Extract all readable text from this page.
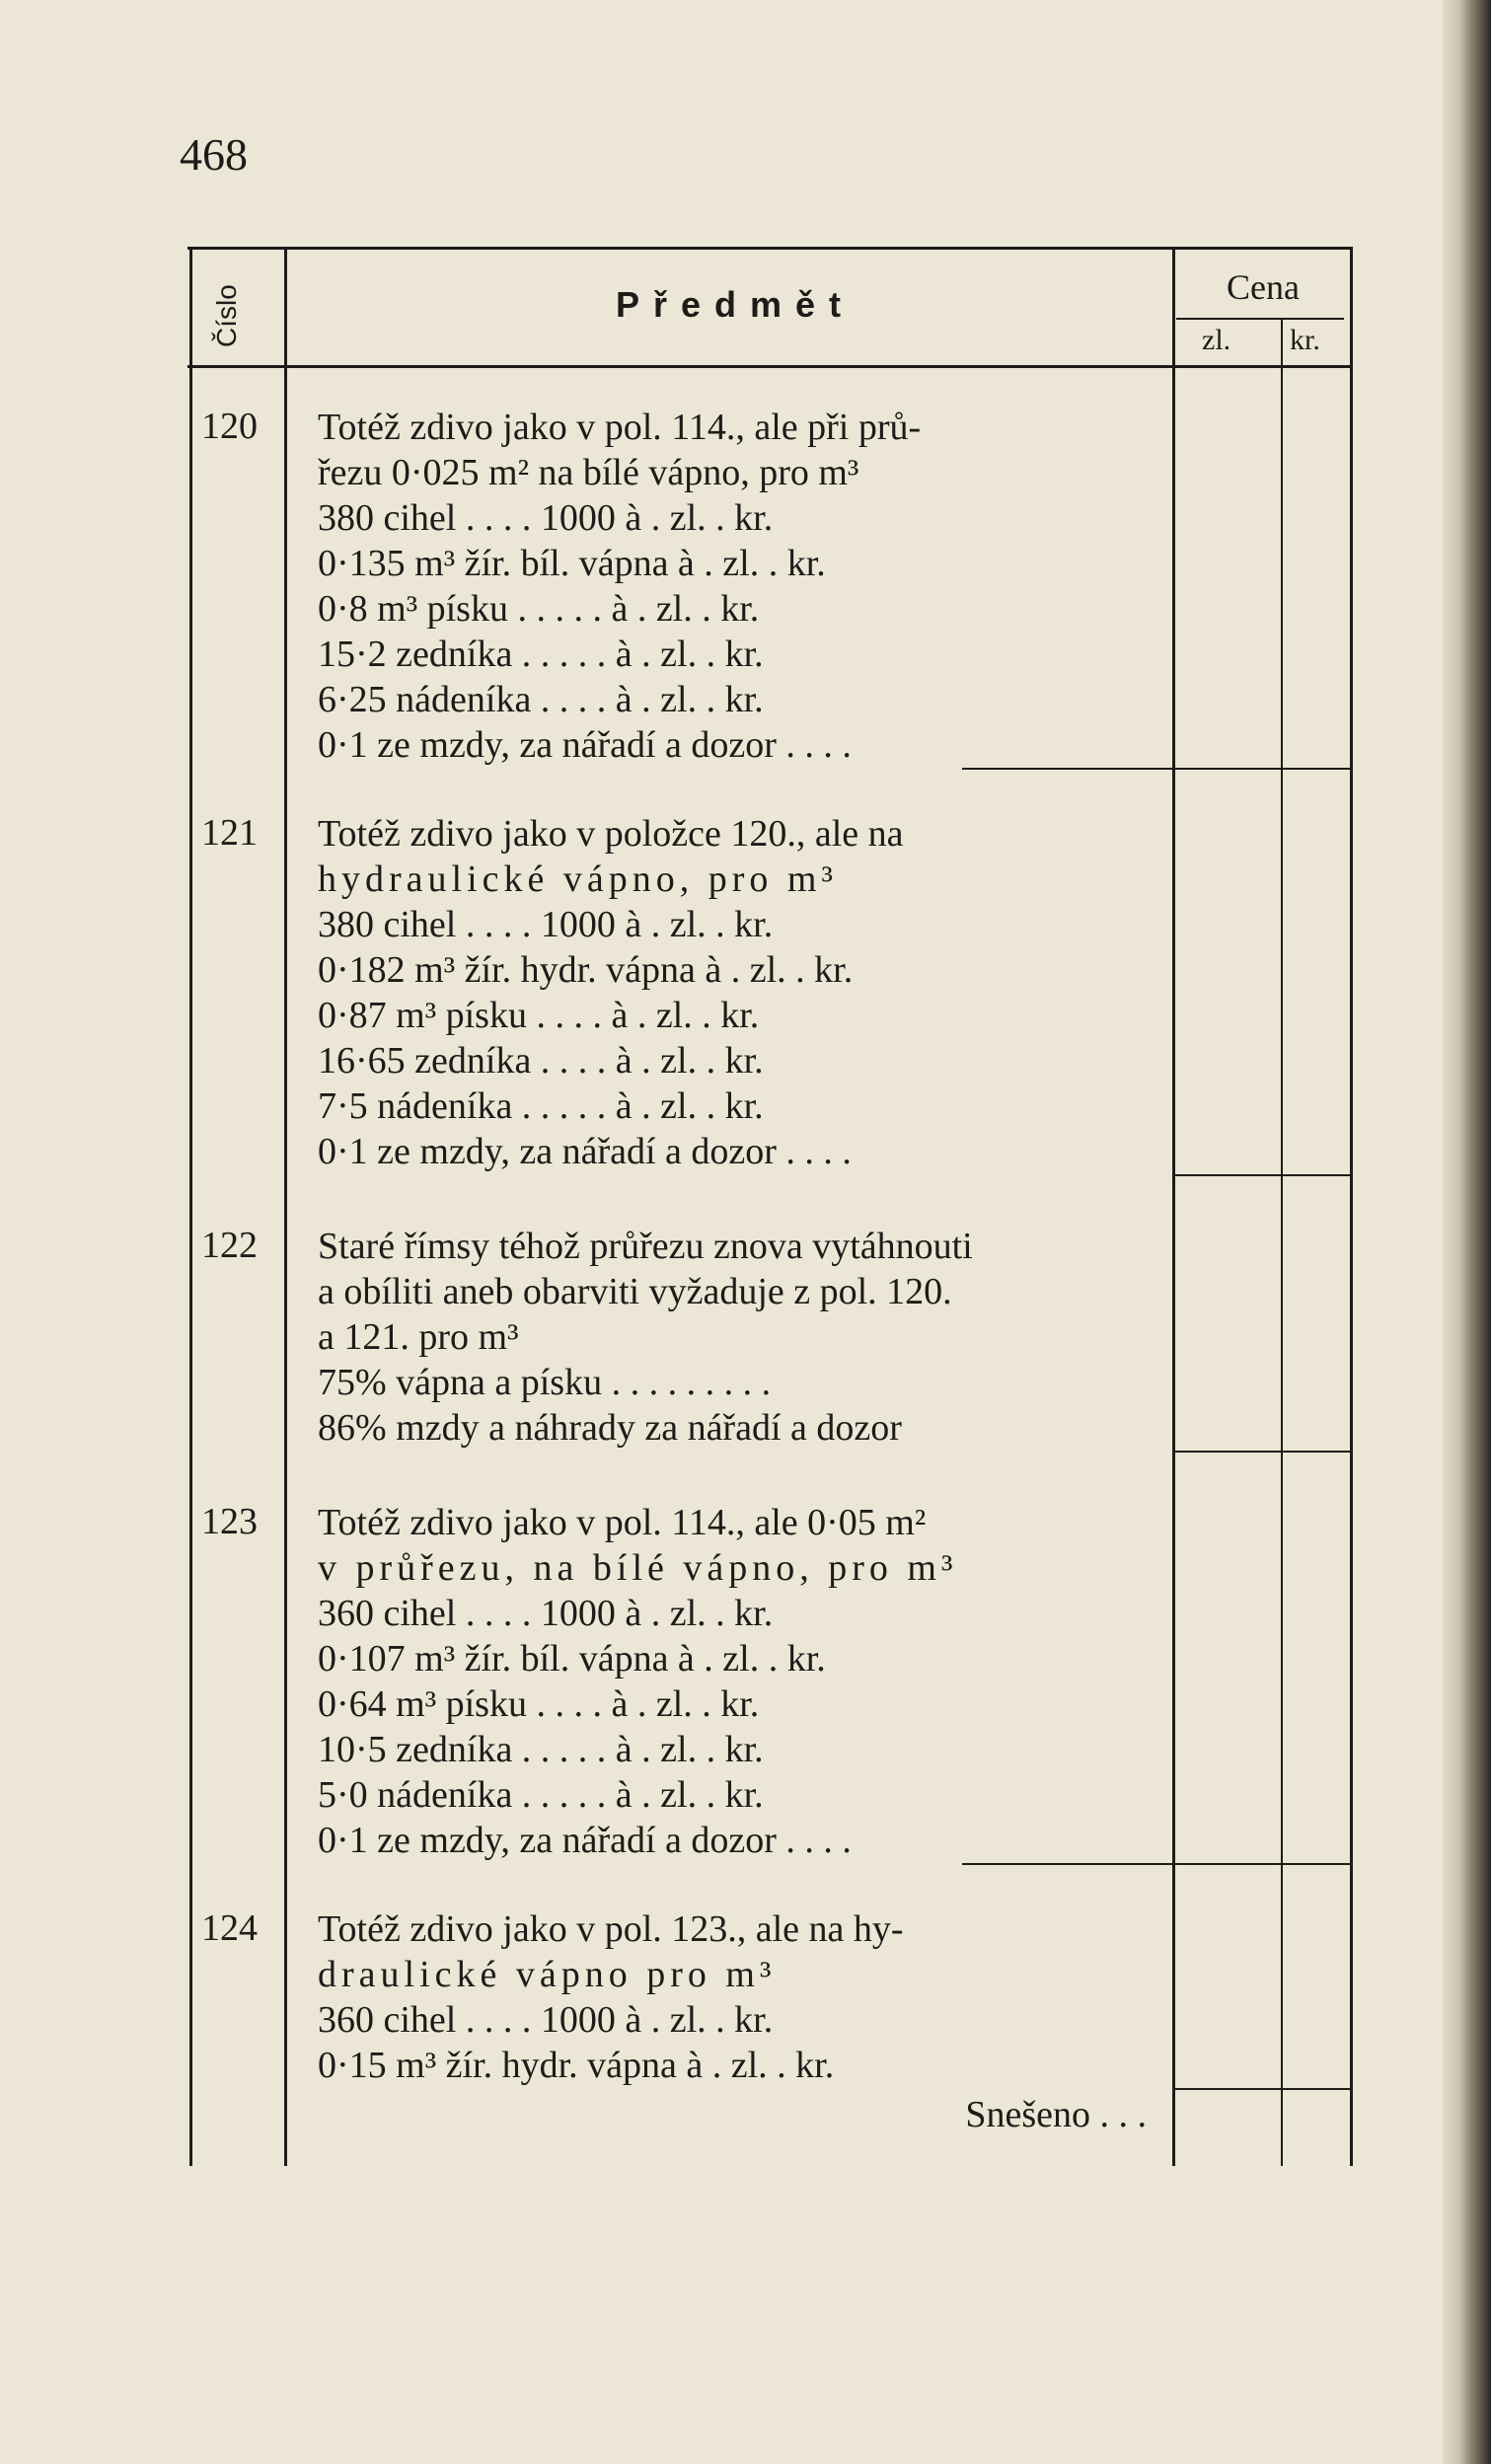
468
Číslo	Předmět	Cena
zl. kr.
120 Totéž zdivo jako v pol. 114., ale při prů-
řezu 0·025 m² na bílé vápno, pro m³
380 cihel . . . . 1000 à . zl. . kr.
0·135 m³ žír. bíl. vápna à . zl. . kr.
0·8 m³ písku . . . . . à . zl. . kr.
15·2 zedníka . . . . . à . zl. . kr.
6·25 nádeníka . . . . à . zl. . kr.
0·1 ze mzdy, za nářadí a dozor . . . .
121 Totéž zdivo jako v položce 120., ale na
hydraulické vápno, pro m³
380 cihel . . . . 1000 à . zl. . kr.
0·182 m³ žír. hydr. vápna à . zl. . kr.
0·87 m³ písku . . . . à . zl. . kr.
16·65 zedníka . . . . à . zl. . kr.
7·5 nádeníka . . . . . à . zl. . kr.
0·1 ze mzdy, za nářadí a dozor . . . .
122 Staré římsy téhož průřezu znova vytáhnouti
a obíliti aneb obarviti vyžaduje z pol. 120.
a 121. pro m³
75% vápna a písku . . . . . . . . .
86% mzdy a náhrady za nářadí a dozor
123 Totéž zdivo jako v pol. 114., ale 0·05 m²
v průřezu, na bílé vápno, pro m³
360 cihel . . . . 1000 à . zl. . kr.
0·107 m³ žír. bíl. vápna à . zl. . kr.
0·64 m³ písku . . . . à . zl. . kr.
10·5 zedníka . . . . . à . zl. . kr.
5·0 nádeníka . . . . . à . zl. . kr.
0·1 ze mzdy, za nářadí a dozor . . . .
124 Totéž zdivo jako v pol. 123., ale na hy-
draulické vápno pro m³
360 cihel . . . . 1000 à . zl. . kr.
0·15 m³ žír. hydr. vápna à . zl. . kr.
Snešeno . . .
